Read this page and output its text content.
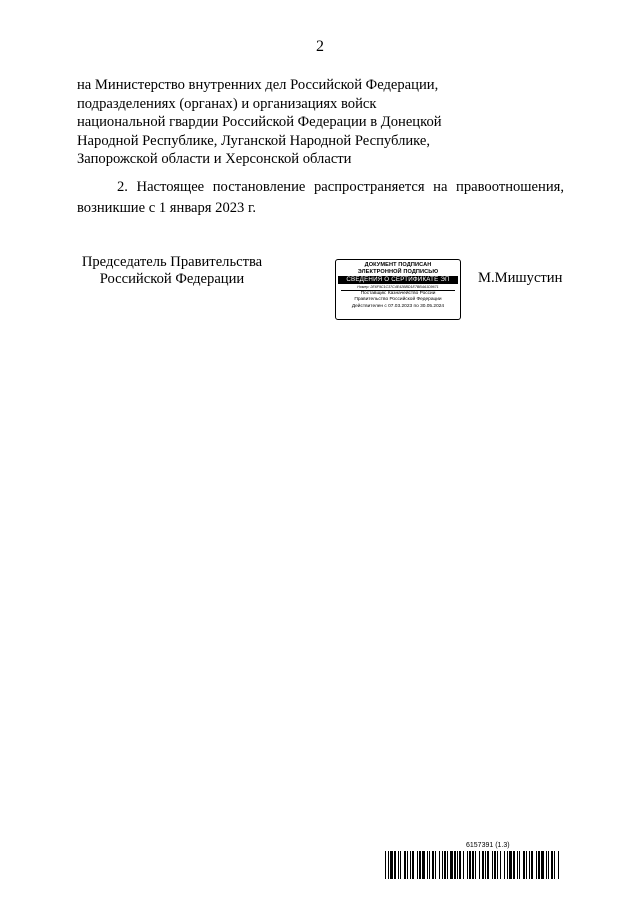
2
на Министерство внутренних дел Российской Федерации,
подразделениях (органах) и организациях войск
национальной гвардии Российской Федерации в Донецкой
Народной Республике, Луганской Народной Республике,
Запорожской области и Херсонской области
2. Настоящее постановление распространяется на правоотношения,
возникшие с 1 января 2023 г.
Председатель Правительства
Российской Федерации
ДОКУМЕНТ ПОДПИСАН
ЭЛЕКТРОННОЙ ПОДПИСЬЮ
СВЕДЕНИЯ О СЕРТИФИКАТЕ ЭП
Номер: 2E6F9C1C37C4E42BBD1E7BB4A1D9671
Поставщик: Казначейство России
Правительство Российской Федерации
Действителен с 07.03.2023 по 30.05.2024
М.Мишустин
6157391 (1.3)
